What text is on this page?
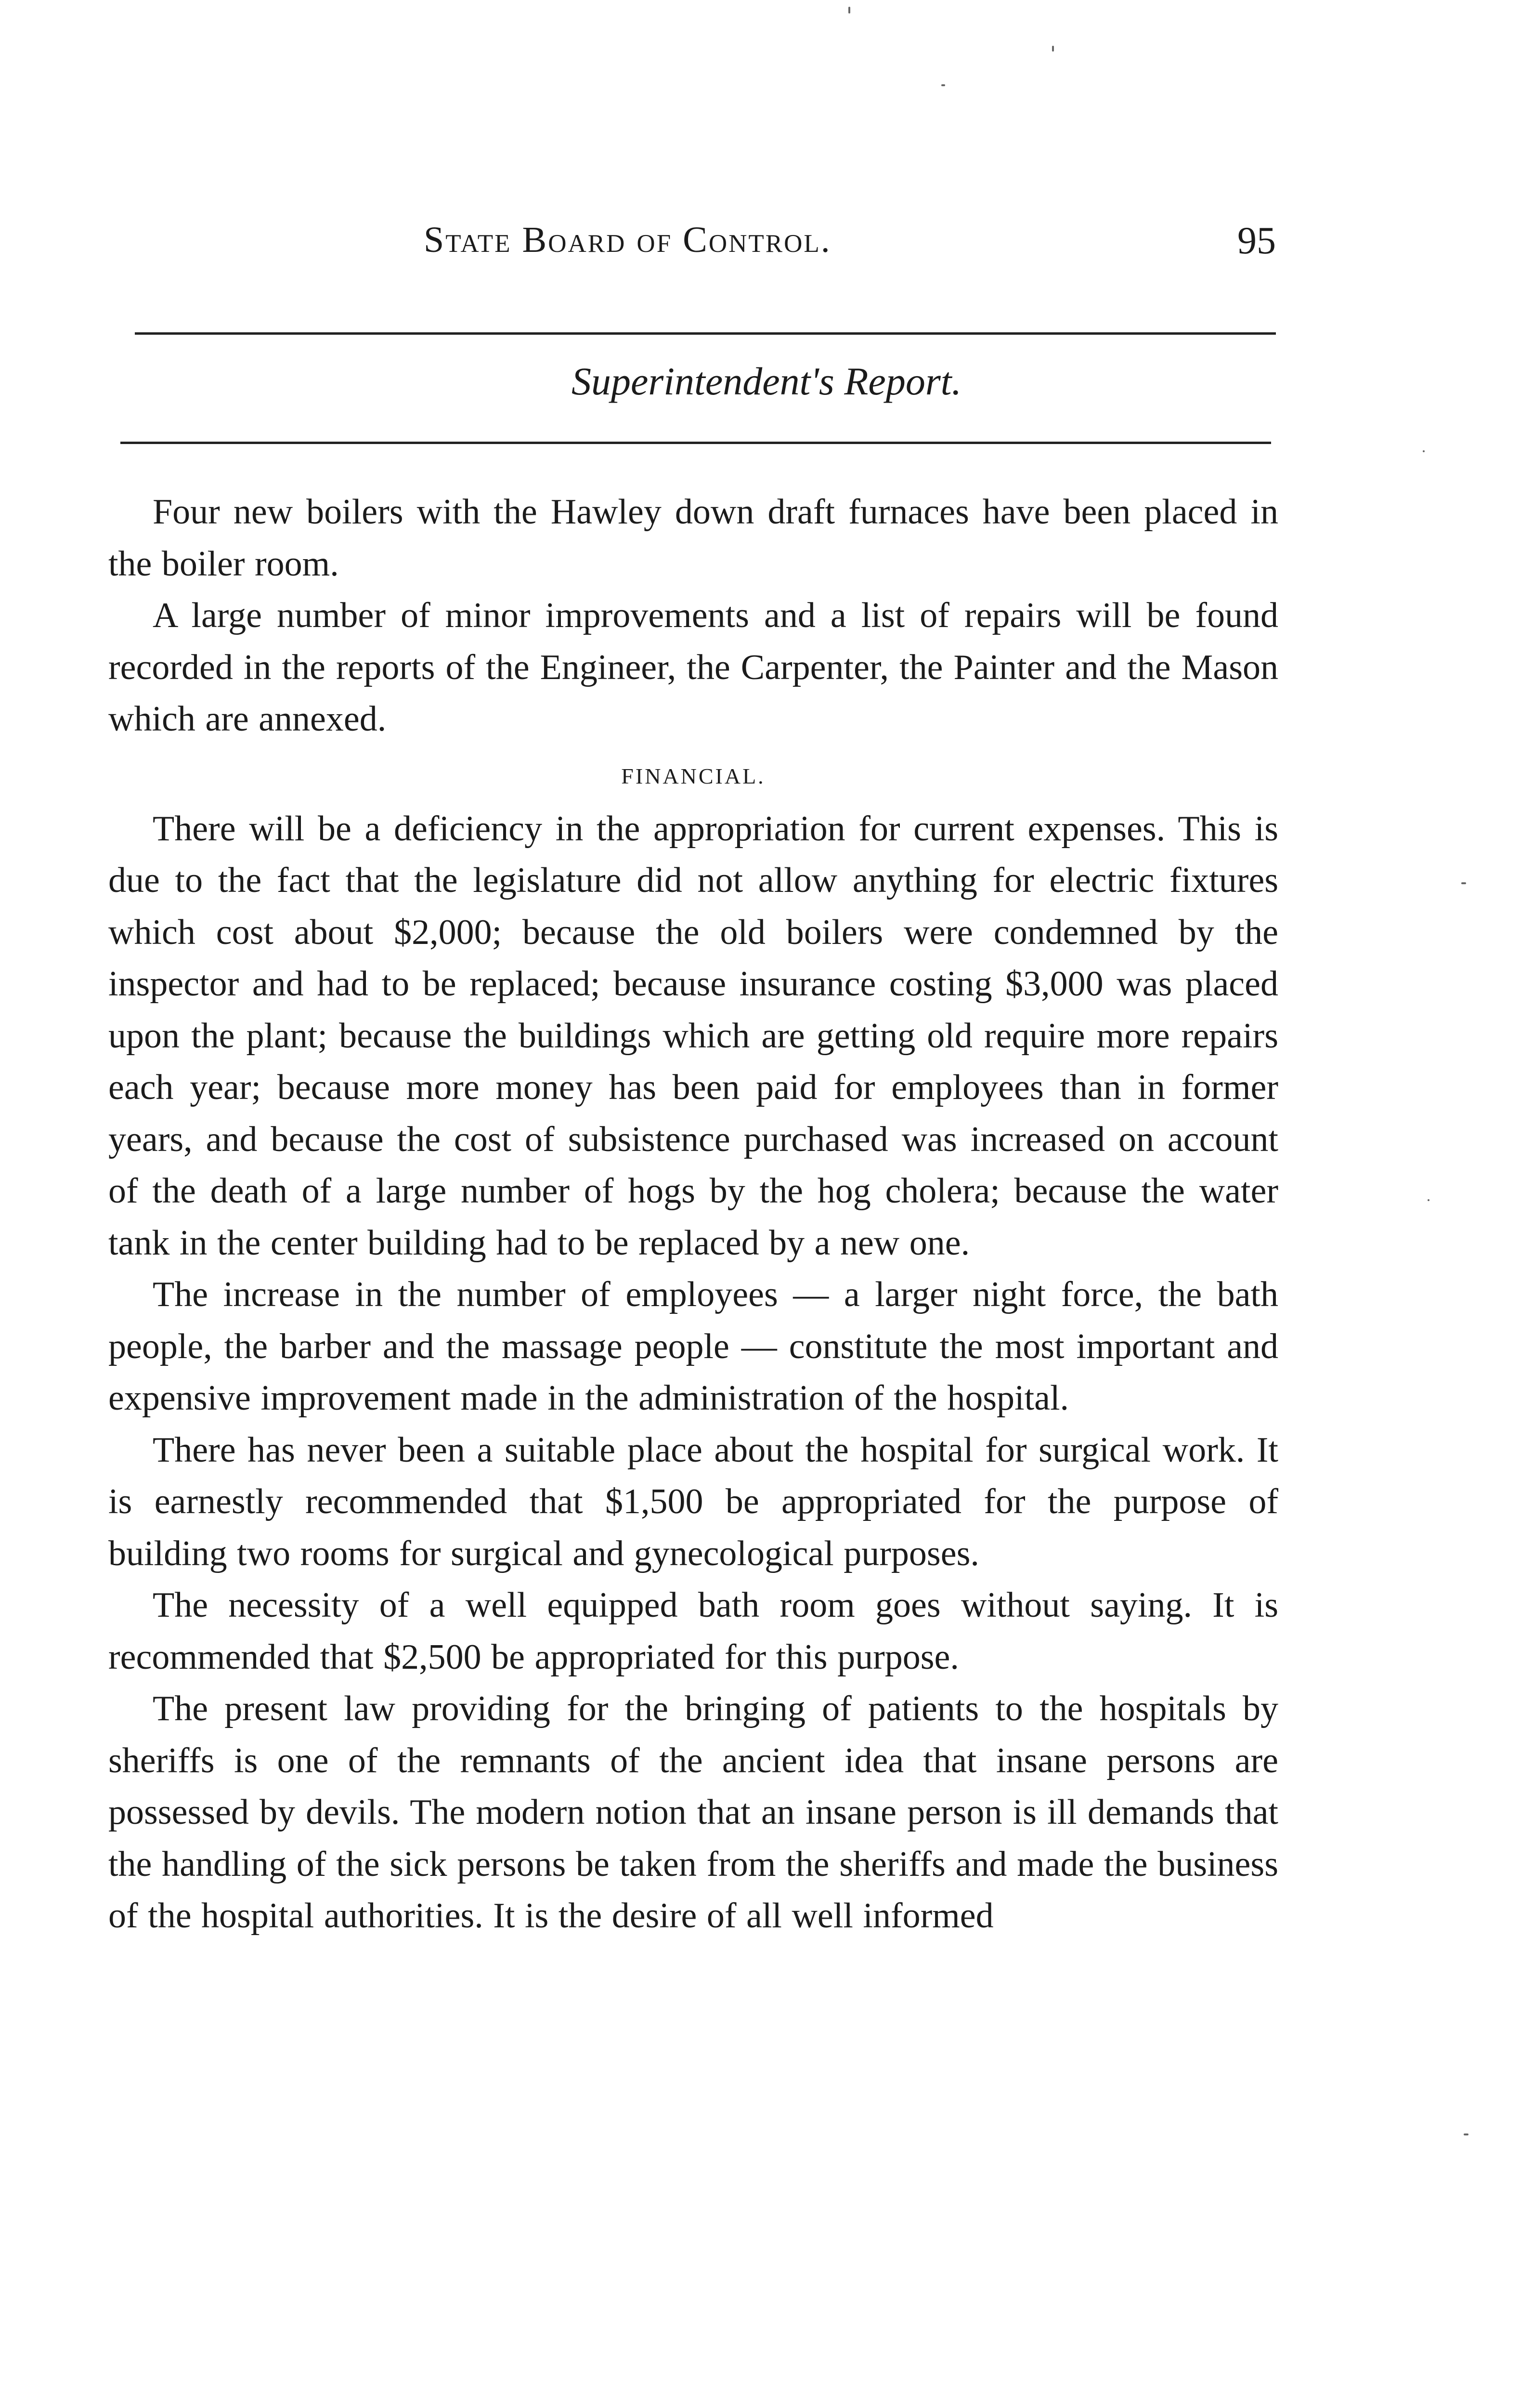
State Board of Control.	95
Superintendent's Report.

Four new boilers with the Hawley down draft furnaces have been placed in the boiler room.

A large number of minor improvements and a list of repairs will be found recorded in the reports of the Engineer, the Carpenter, the Painter and the Mason which are annexed.

FINANCIAL.

There will be a deficiency in the appropriation for current expenses. This is due to the fact that the legislature did not allow anything for electric fixtures which cost about $2,000; because the old boilers were condemned by the inspector and had to be replaced; because insurance costing $3,000 was placed upon the plant; because the buildings which are getting old require more repairs each year; because more money has been paid for employees than in former years, and because the cost of subsistence purchased was increased on account of the death of a large number of hogs by the hog cholera; because the water tank in the center building had to be replaced by a new one.

The increase in the number of employees — a larger night force, the bath people, the barber and the massage people — constitute the most important and expensive improvement made in the administration of the hospital.

There has never been a suitable place about the hospital for surgical work. It is earnestly recommended that $1,500 be appropriated for the purpose of building two rooms for surgical and gynecological purposes.

The necessity of a well equipped bath room goes without saying. It is recommended that $2,500 be appropriated for this purpose.

The present law providing for the bringing of patients to the hospitals by sheriffs is one of the remnants of the ancient idea that insane persons are possessed by devils. The modern notion that an insane person is ill demands that the handling of the sick persons be taken from the sheriffs and made the business of the hospital authorities. It is the desire of all well informed
